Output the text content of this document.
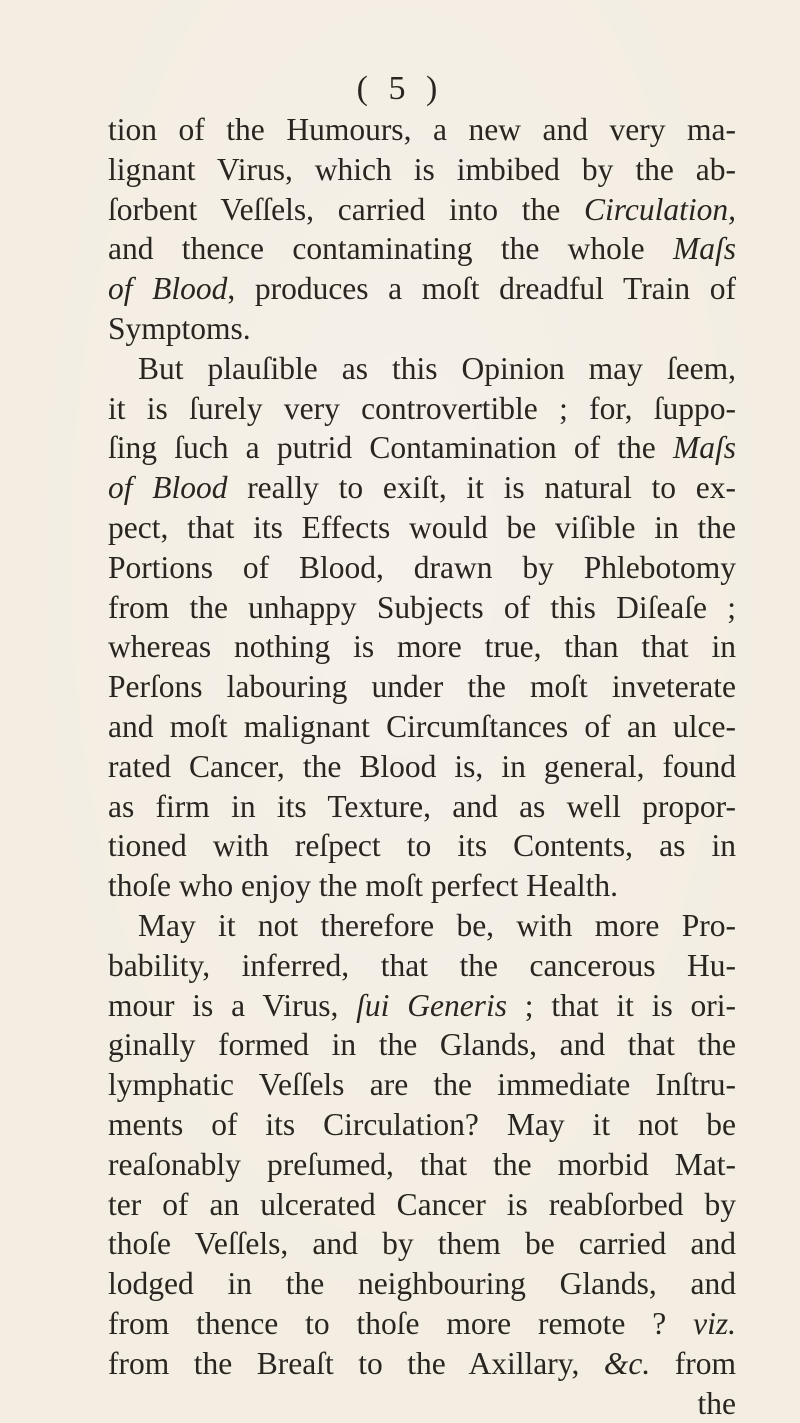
( 5 )
tion of the Humours, a new and very ma-
lignant Virus, which is imbibed by the ab-
ſorbent Veſſels, carried into the Circulation,
and thence contaminating the whole Maſs
of Blood, produces a moſt dreadful Train of
Symptoms.
But plauſible as this Opinion may ſeem,
it is ſurely very controvertible ; for, ſuppo-
ſing ſuch a putrid Contamination of the Maſs
of Blood really to exiſt, it is natural to ex-
pect, that its Effects would be viſible in the
Portions of Blood, drawn by Phlebotomy
from the unhappy Subjects of this Diſeaſe ;
whereas nothing is more true, than that in
Perſons labouring under the moſt inveterate
and moſt malignant Circumſtances of an ulce-
rated Cancer, the Blood is, in general, found
as firm in its Texture, and as well propor-
tioned with reſpect to its Contents, as in
thoſe who enjoy the moſt perfect Health.
May it not therefore be, with more Pro-
bability, inferred, that the cancerous Hu-
mour is a Virus, ſui Generis ; that it is ori-
ginally formed in the Glands, and that the
lymphatic Veſſels are the immediate Inſtru-
ments of its Circulation? May it not be
reaſonably preſumed, that the morbid Mat-
ter of an ulcerated Cancer is reabſorbed by
thoſe Veſſels, and by them be carried and
lodged in the neighbouring Glands, and
from thence to thoſe more remote ? viz.
from the Breaſt to the Axillary, &c. from
the
